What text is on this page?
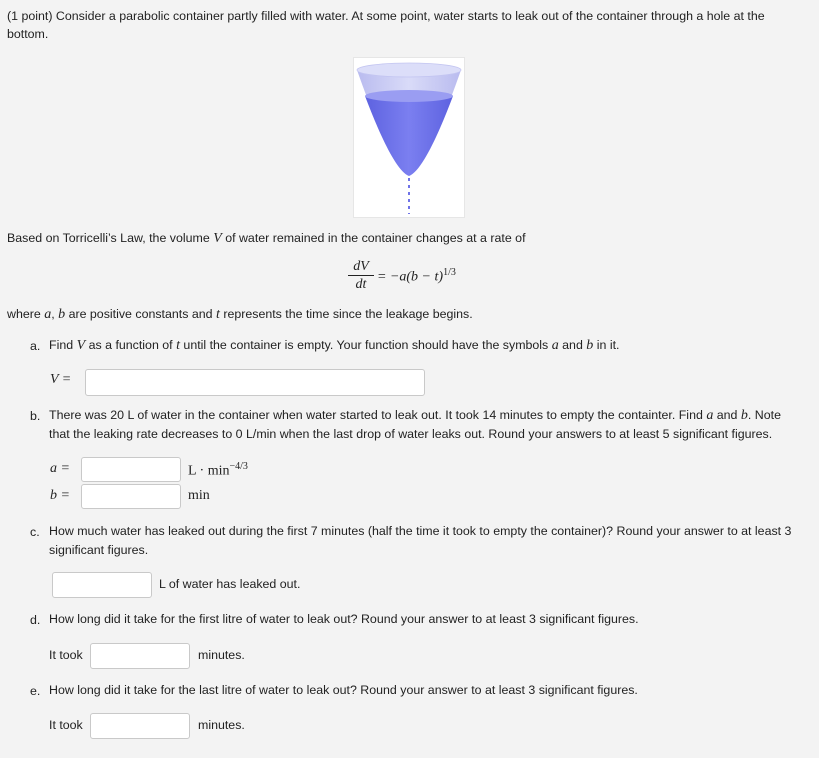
(1 point) Consider a parabolic container partly filled with water. At some point, water starts to leak out of the container through a hole at the
bottom.
Based on Torricelli’s Law, the volume V of water remained in the container changes at a rate of
dV
dt = $-a(b - t)^{1/3}$
where a, b are positive constants and t represents the time since the leakage begins.
a. Find V as a function of t until the container is empty. Your function should have the symbols a and b in it.
V =
b. There was 20 L of water in the container when water started to leak out. It took 14 minutes to empty the containter. Find a and b. Note
that the leaking rate decreases to 0 L/min when the last drop of water leaks out. Round your answers to at least 5 significant figures.
a =	$L \cdot \min^{-4/3}$
b =	min
c. How much water has leaked out during the first 7 minutes (half the time it took to empty the container)? Round your answer to at least 3
significant figures.
L of water has leaked out.
d. How long did it take for the first litre of water to leak out? Round your answer to at least 3 significant figures.
It took	minutes.
e. How long did it take for the last litre of water to leak out? Round your answer to at least 3 significant figures.
It took	minutes.
